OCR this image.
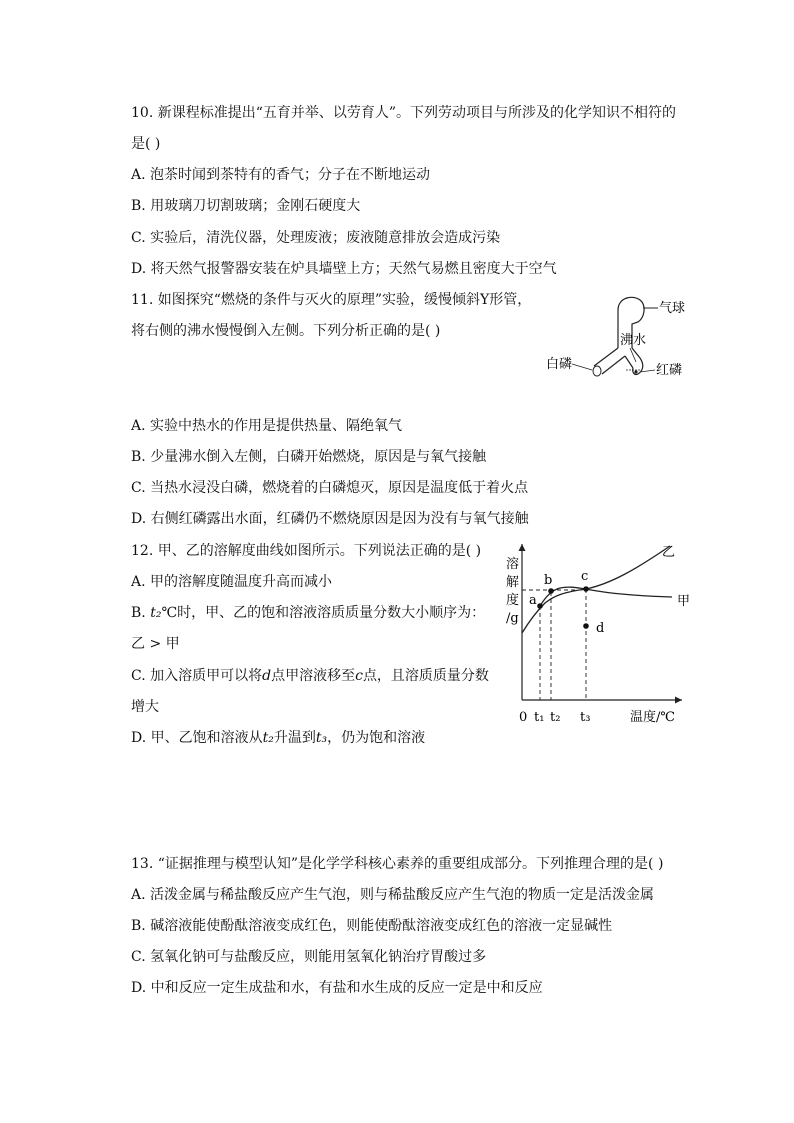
10. 新课程标准提出“五育并举、以劳育人”。下列劳动项目与所涉及的化学知识不相符的
是( )
A. 泡茶时闻到茶特有的香气；分子在不断地运动
B. 用玻璃刀切割玻璃；金刚石硬度大
C. 实验后，清洗仪器，处理废液；废液随意排放会造成污染
D. 将天然气报警器安装在炉具墙壁上方；天然气易燃且密度大于空气
11. 如图探究“燃烧的条件与灭火的原理”实验，缓慢倾斜Y形管，
将右侧的沸水慢慢倒入左侧。下列分析正确的是( )
气球
沸水
白磷	红磷
A. 实验中热水的作用是提供热量、隔绝氧气
B. 少量沸水倒入左侧，白磷开始燃烧，原因是与氧气接触
C. 当热水浸没白磷，燃烧着的白磷熄灭，原因是温度低于着火点
D. 右侧红磷露出水面，红磷仍不燃烧原因是因为没有与氧气接触
12. 甲、乙的溶解度曲线如图所示。下列说法正确的是( )
A. 甲的溶解度随温度升高而减小
B. t₂℃时，甲、乙的饱和溶液溶质质量分数大小顺序为：
乙 > 甲
C. 加入溶质甲可以将d点甲溶液移至c点，且溶质质量分数
增大
D. 甲、乙饱和溶液从t₂升温到t₃，仍为饱和溶液
溶
解
度
/g
乙
甲
a
b c
d
0 t₁ t₂ t₃	温度/℃
13. “证据推理与模型认知”是化学学科核心素养的重要组成部分。下列推理合理的是( )
A. 活泼金属与稀盐酸反应产生气泡，则与稀盐酸反应产生气泡的物质一定是活泼金属
B. 碱溶液能使酚酞溶液变成红色，则能使酚酞溶液变成红色的溶液一定显碱性
C. 氢氧化钠可与盐酸反应，则能用氢氧化钠治疗胃酸过多
D. 中和反应一定生成盐和水，有盐和水生成的反应一定是中和反应
